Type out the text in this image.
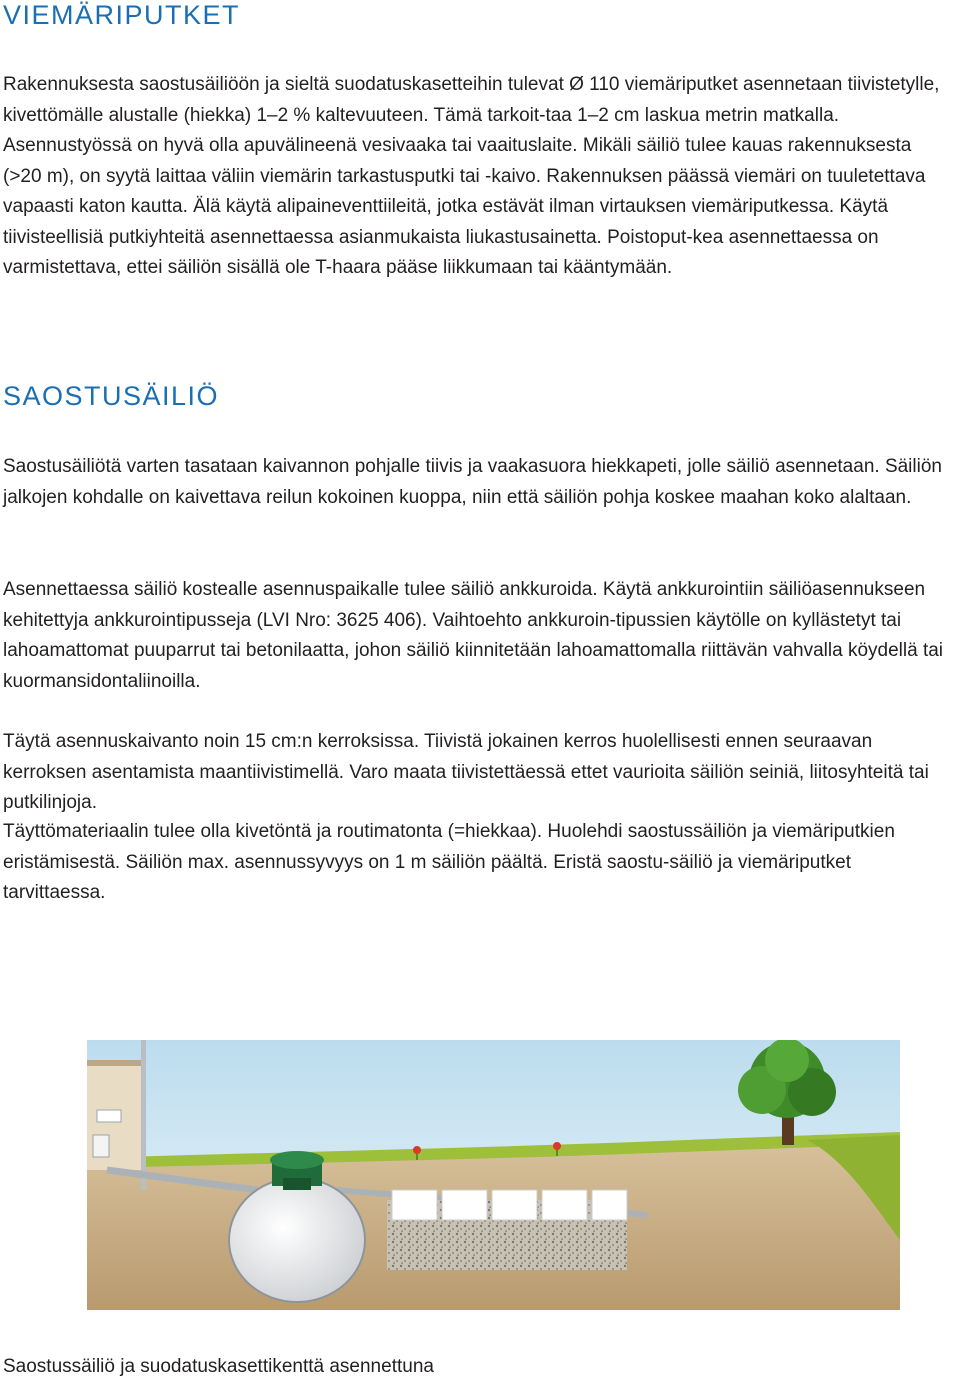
VIEMÄRIPUTKET

Rakennuksesta saostusäiliöön ja sieltä suodatuskasetteihin tulevat Ø 110 viemäriputket asennetaan tiivistetylle, kivettömälle alustalle (hiekka) 1–2 % kaltevuuteen. Tämä tarkoit-taa 1–2 cm laskua metrin matkalla. Asennustyössä on hyvä olla apuvälineenä vesivaaka tai vaaituslaite. Mikäli säiliö tulee kauas rakennuksesta (>20 m), on syytä laittaa väliin viemärin tarkastusputki tai -kaivo. Rakennuksen päässä viemäri on tuuletettava vapaasti katon kautta. Älä käytä alipaineventtiileitä, jotka estävät ilman virtauksen viemäriputkessa. Käytä tiivisteellisiä putkiyhteitä asennettaessa asianmukaista liukastusainetta. Poistoput-kea asennettaessa on varmistettava, ettei säiliön sisällä ole T-haara pääse liikkumaan tai kääntymään.

SAOSTUSÄILIÖ

Saostusäiliötä varten tasataan kaivannon pohjalle tiivis ja vaakasuora hiekkapeti, jolle säiliö asennetaan. Säiliön jalkojen kohdalle on kaivettava reilun kokoinen kuoppa, niin että säiliön pohja koskee maahan koko alaltaan.

Asennettaessa säiliö kostealle asennuspaikalle tulee säiliö ankkuroida. Käytä ankkurointiin säiliöasennukseen kehitettyja ankkurointipusseja (LVI Nro: 3625 406). Vaihtoehto ankkuroin-tipussien käytölle on kyllästetyt tai lahoamattomat puuparrut tai betonilaatta, johon säiliö kiinnitetään lahoamattomalla riittävän vahvalla köydellä tai kuormansidontaliinoilla.

Täytä asennuskaivanto noin 15 cm:n kerroksissa. Tiivistä jokainen kerros huolellisesti ennen seuraavan kerroksen asentamista maantiivistimellä. Varo maata tiivistettäessä ettet vaurioita säiliön seiniä, liitosyhteitä tai putkilinjoja.

Täyttömateriaalin tulee olla kivetöntä ja routimatonta (=hiekkaa). Huolehdi saostussäiliön ja viemäriputkien eristämisestä. Säiliön max. asennussyvyys on 1 m säiliön päältä. Eristä saostu-säiliö ja viemäriputket tarvittaessa.

Saostussäiliö ja suodatuskasettikenttä asennettuna
